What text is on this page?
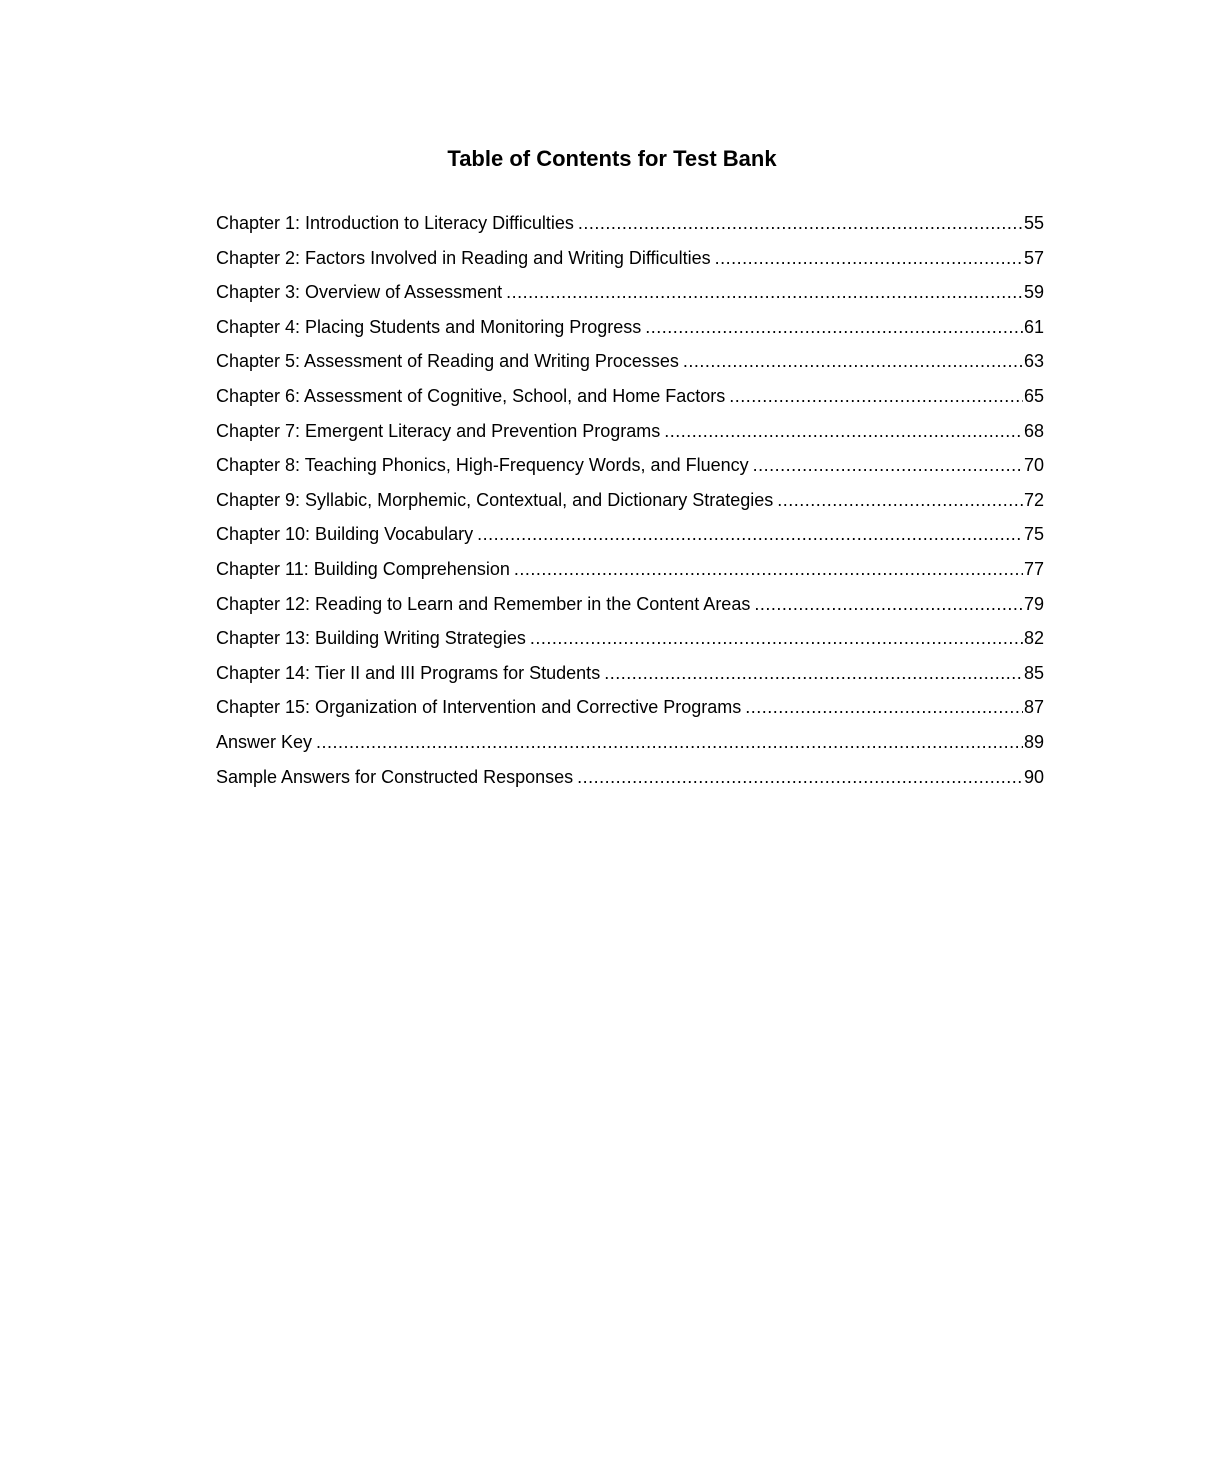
Table of Contents for Test Bank
Chapter 1: Introduction to Literacy Difficulties .....	55
Chapter 2: Factors Involved in Reading and Writing Difficulties .....	57
Chapter 3: Overview of Assessment .....	59
Chapter 4: Placing Students and Monitoring Progress .....	61
Chapter 5: Assessment of Reading and Writing Processes .....	63
Chapter 6: Assessment of Cognitive, School, and Home Factors .....	65
Chapter 7: Emergent Literacy and Prevention Programs .....	68
Chapter 8: Teaching Phonics, High-Frequency Words, and Fluency .....	70
Chapter 9: Syllabic, Morphemic, Contextual, and Dictionary Strategies .....	72
Chapter 10: Building Vocabulary .....	75
Chapter 11: Building Comprehension .....	77
Chapter 12: Reading to Learn and Remember in the Content Areas .....	79
Chapter 13: Building Writing Strategies .....	82
Chapter 14: Tier II and III Programs for Students .....	85
Chapter 15: Organization of Intervention and Corrective Programs .....	87
Answer Key .....	89
Sample Answers for Constructed Responses .....	90
